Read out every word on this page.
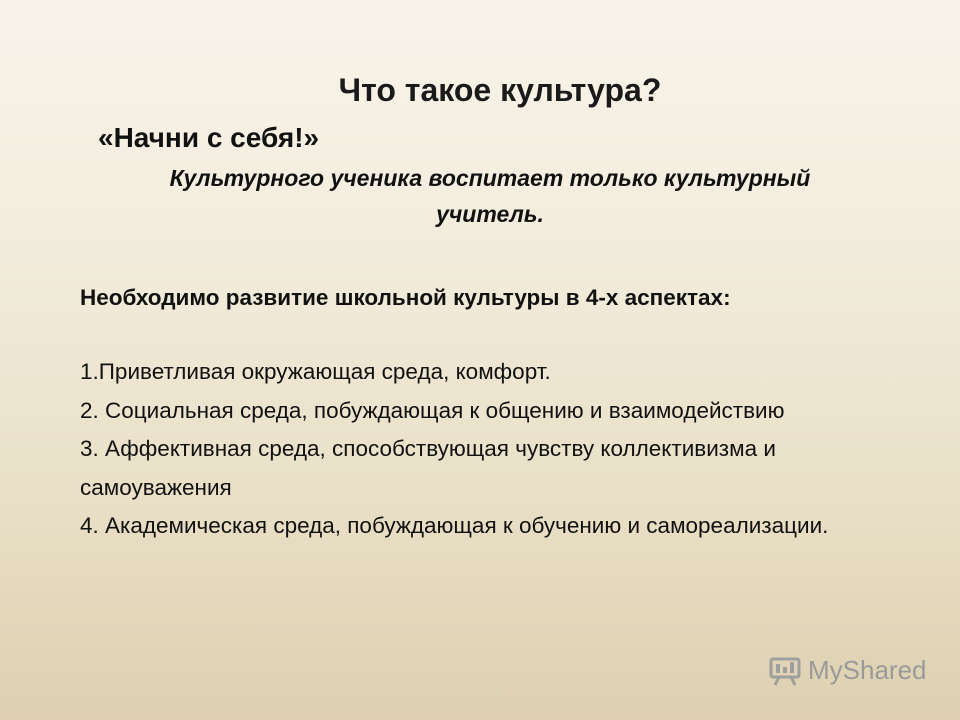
Что такое культура?
«Начни с себя!»
Культурного ученика воспитает только культурный учитель.
Необходимо развитие школьной культуры в 4-х аспектах:
1.Приветливая окружающая среда, комфорт.
2. Социальная среда, побуждающая к общению и взаимодействию
3. Аффективная среда, способствующая чувству коллективизма и самоуважения
4. Академическая среда, побуждающая к обучению и самореализации.
MyShared
